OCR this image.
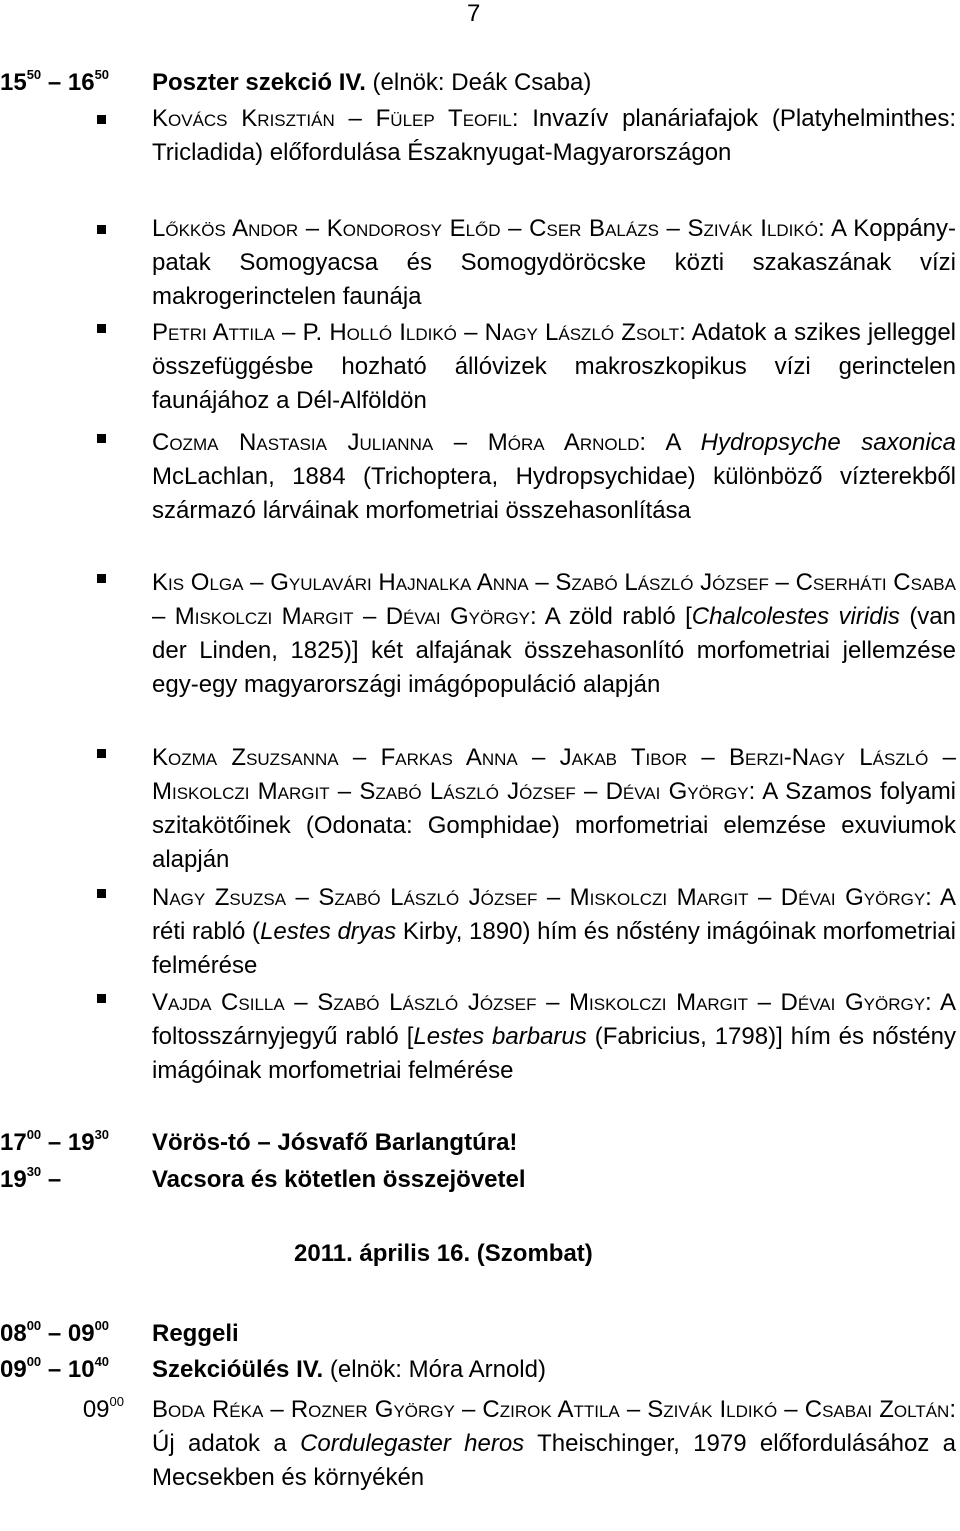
7
$15^{50} - 16^{50}$	Poszter szekció IV. (elnök: Deák Csaba)
Kovács Krisztián – Fülep Teofil: Invazív planáriafajok (Platyhelminthes: Tricladida) előfordulása Északnyugat-Magyarországon
Lőkkös Andor – Kondorosy Előd – Cser Balázs – Szivák Ildikó: A Koppány-patak Somogyacsa és Somogydöröcske közti szakaszának vízi makrogerinctelen faunája
Petri Attila – P. Holló Ildikó – Nagy László Zsolt: Adatok a szikes jelleggel összefüggésbe hozható állóvizek makroszkopikus vízi gerinctelen faunájához a Dél-Alföldön
Cozma Nastasia Julianna – Móra Arnold: A Hydropsyche saxonica McLachlan, 1884 (Trichoptera, Hydropsychidae) különböző vízterekből származó lárváinak morfometriai összehasonlítása
Kis Olga – Gyulavári Hajnalka Anna – Szabó László József – Cserháti Csaba – Miskolczi Margit – Dévai György: A zöld rabló [Chalcolestes viridis (van der Linden, 1825)] két alfajának összehasonlító morfometriai jellemzése egy-egy magyarországi imágópopuláció alapján
Kozma Zsuzsanna – Farkas Anna – Jakab Tibor – Berzi-Nagy László – Miskolczi Margit – Szabó László József – Dévai György: A Szamos folyami szitakötőinek (Odonata: Gomphidae) morfometriai elemzése exuviumok alapján
Nagy Zsuzsa – Szabó László József – Miskolczi Margit – Dévai György: A réti rabló (Lestes dryas Kirby, 1890) hím és nőstény imágóinak morfometriai felmérése
Vajda Csilla – Szabó László József – Miskolczi Margit – Dévai György: A foltosszárnyjegyű rabló [Lestes barbarus (Fabricius, 1798)] hím és nőstény imágóinak morfometriai felmérése
$17^{00} - 19^{30}$	Vörös-tó – Jósvafő Barlangtúra!
$19^{30}$ –	Vacsora és kötetlen összejövetel
2011. április 16. (Szombat)
$08^{00} - 09^{00}$	Reggeli
$09^{00} - 10^{40}$	Szekcióülés IV. (elnök: Móra Arnold)
$09^{00}$ Boda Réka – Rozner György – Czirok Attila – Szivák Ildikó – Csabai Zoltán: Új adatok a Cordulegaster heros Theischinger, 1979 előfordulásához a Mecsekben és környékén
